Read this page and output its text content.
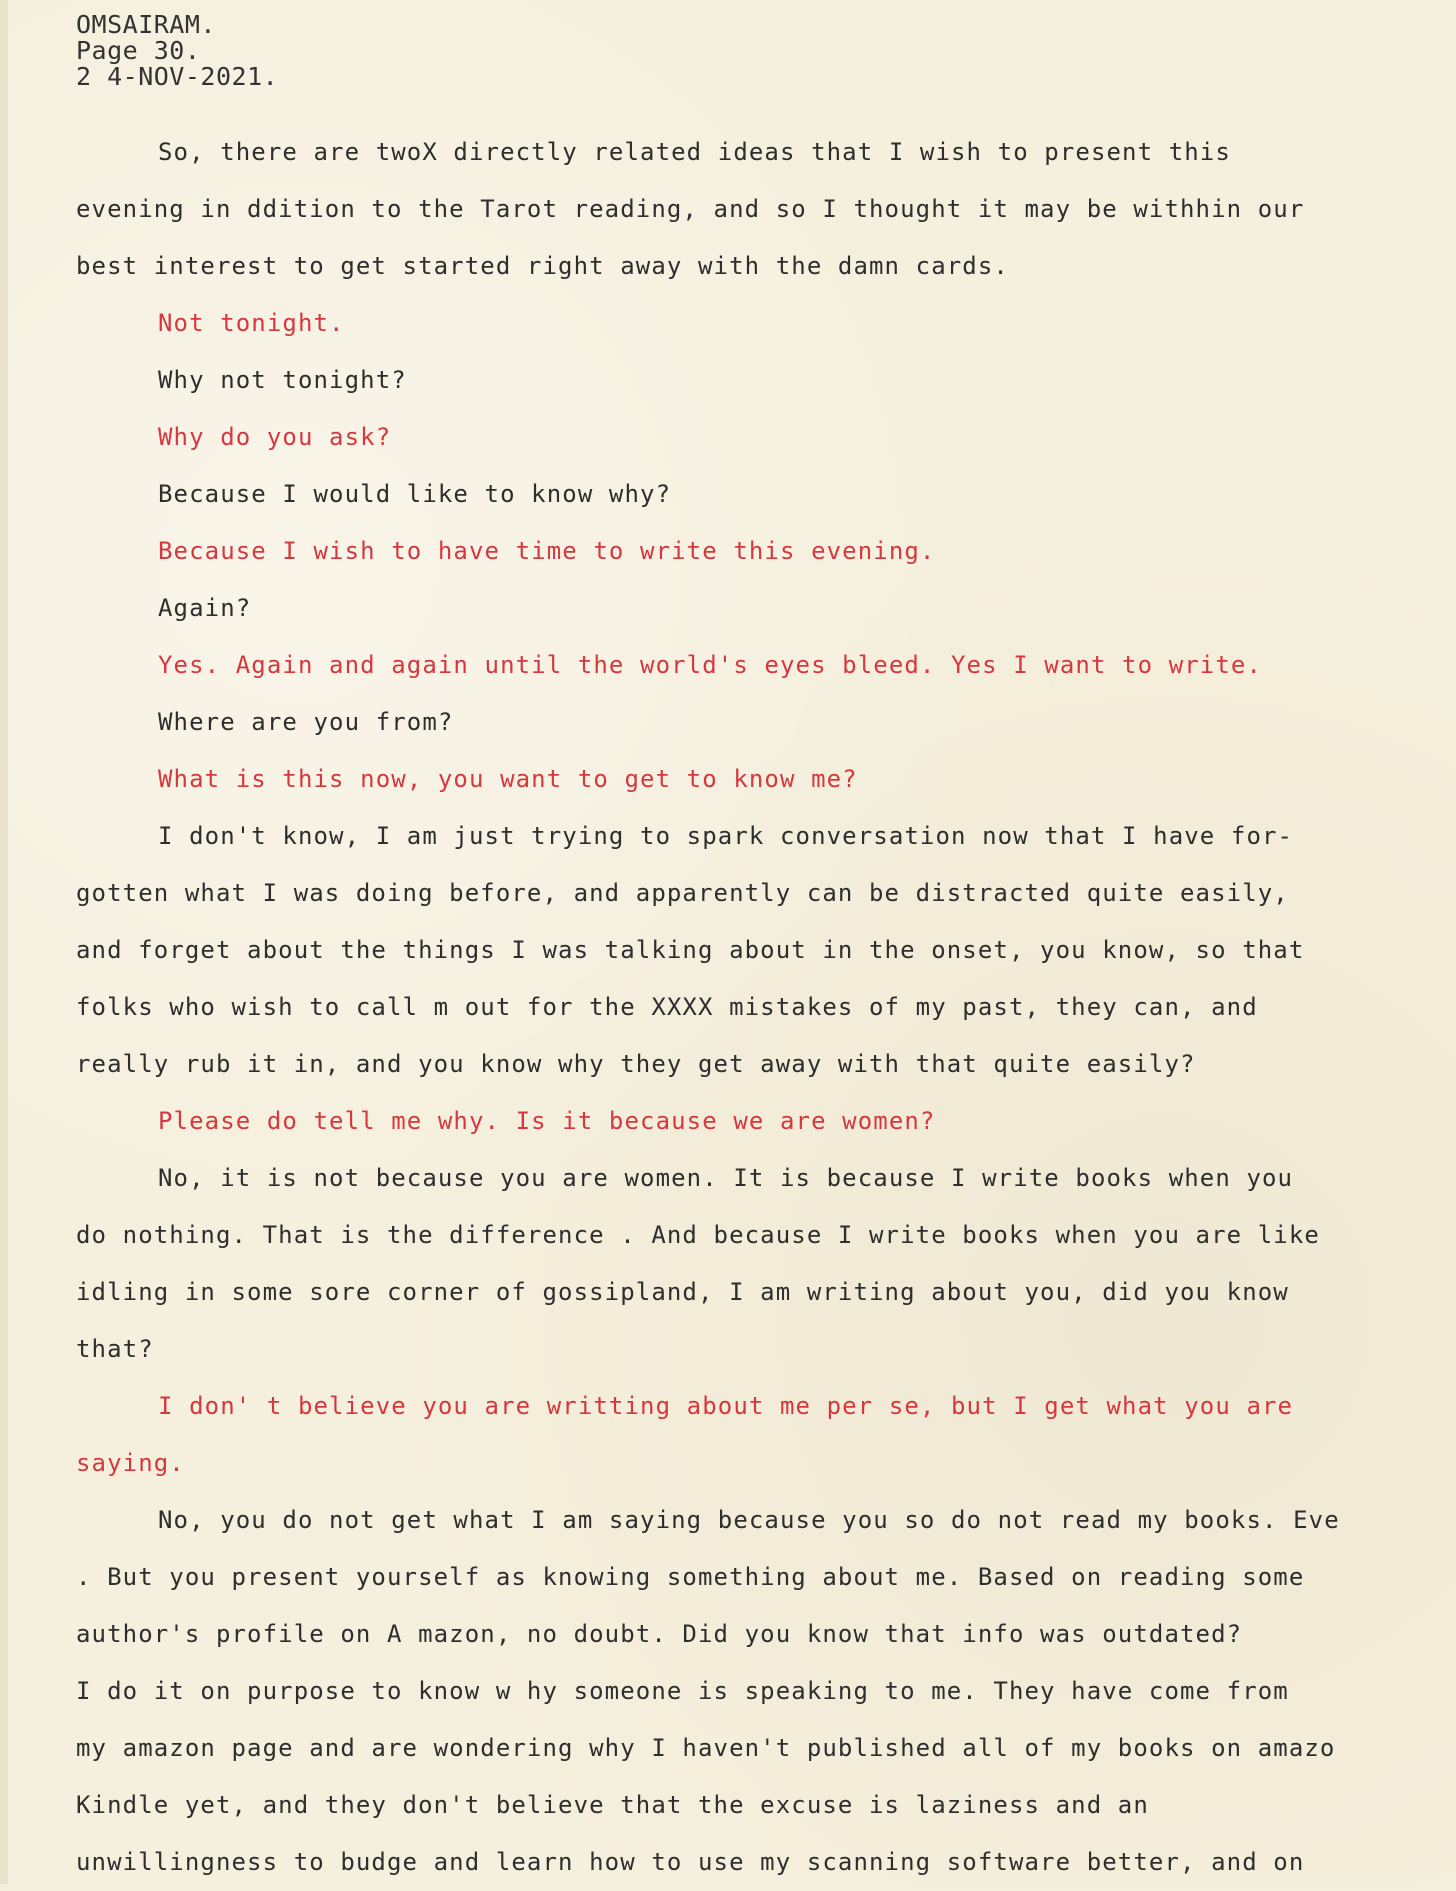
OMSAIRAM.
Page 30.
2 4-NOV-2021.
So, there are twoX directly related ideas that I wish to present this
evening in ddition to the Tarot reading, and so I thought it may be withhin our
best interest to get started right away with the damn cards.
Not tonight.
Why not tonight?
Why do you ask?
Because I would like to know why?
Because I wish to have time to write this evening.
Again?
Yes. Again and again until the world's eyes bleed. Yes I want to write.
Where are you from?
What is this now, you want to get to know me?
I don't know, I am just trying to spark conversation now that I have for-
gotten what I was doing before, and apparently can be distracted quite easily,
and forget about the things I was talking about in the onset, you know, so that
folks who wish to call m out for the XXXX mistakes of my past, they can, and
really rub it in, and you know why they get away with that quite easily?
Please do tell me why. Is it because we are women?
No, it is not because you are women. It is because I write books when you
do nothing. That is the difference . And because I write books when you are like
idling in some sore corner of gossipland, I am writing about you, did you know
that?
I don' t believe you are writting about me per se, but I get what you are
saying.
No, you do not get what I am saying because you so do not read my books. Eve
. But you present yourself as knowing something about me. Based on reading some
author's profile on A mazon, no doubt. Did you know that info was outdated?
I do it on purpose to know w hy someone is speaking to me. They have come from
my amazon page and are wondering why I haven't published all of my books on amazo
Kindle yet, and they don't believe that the excuse is laziness and an
unwillingness to budge and learn how to use my scanning software better, and on
